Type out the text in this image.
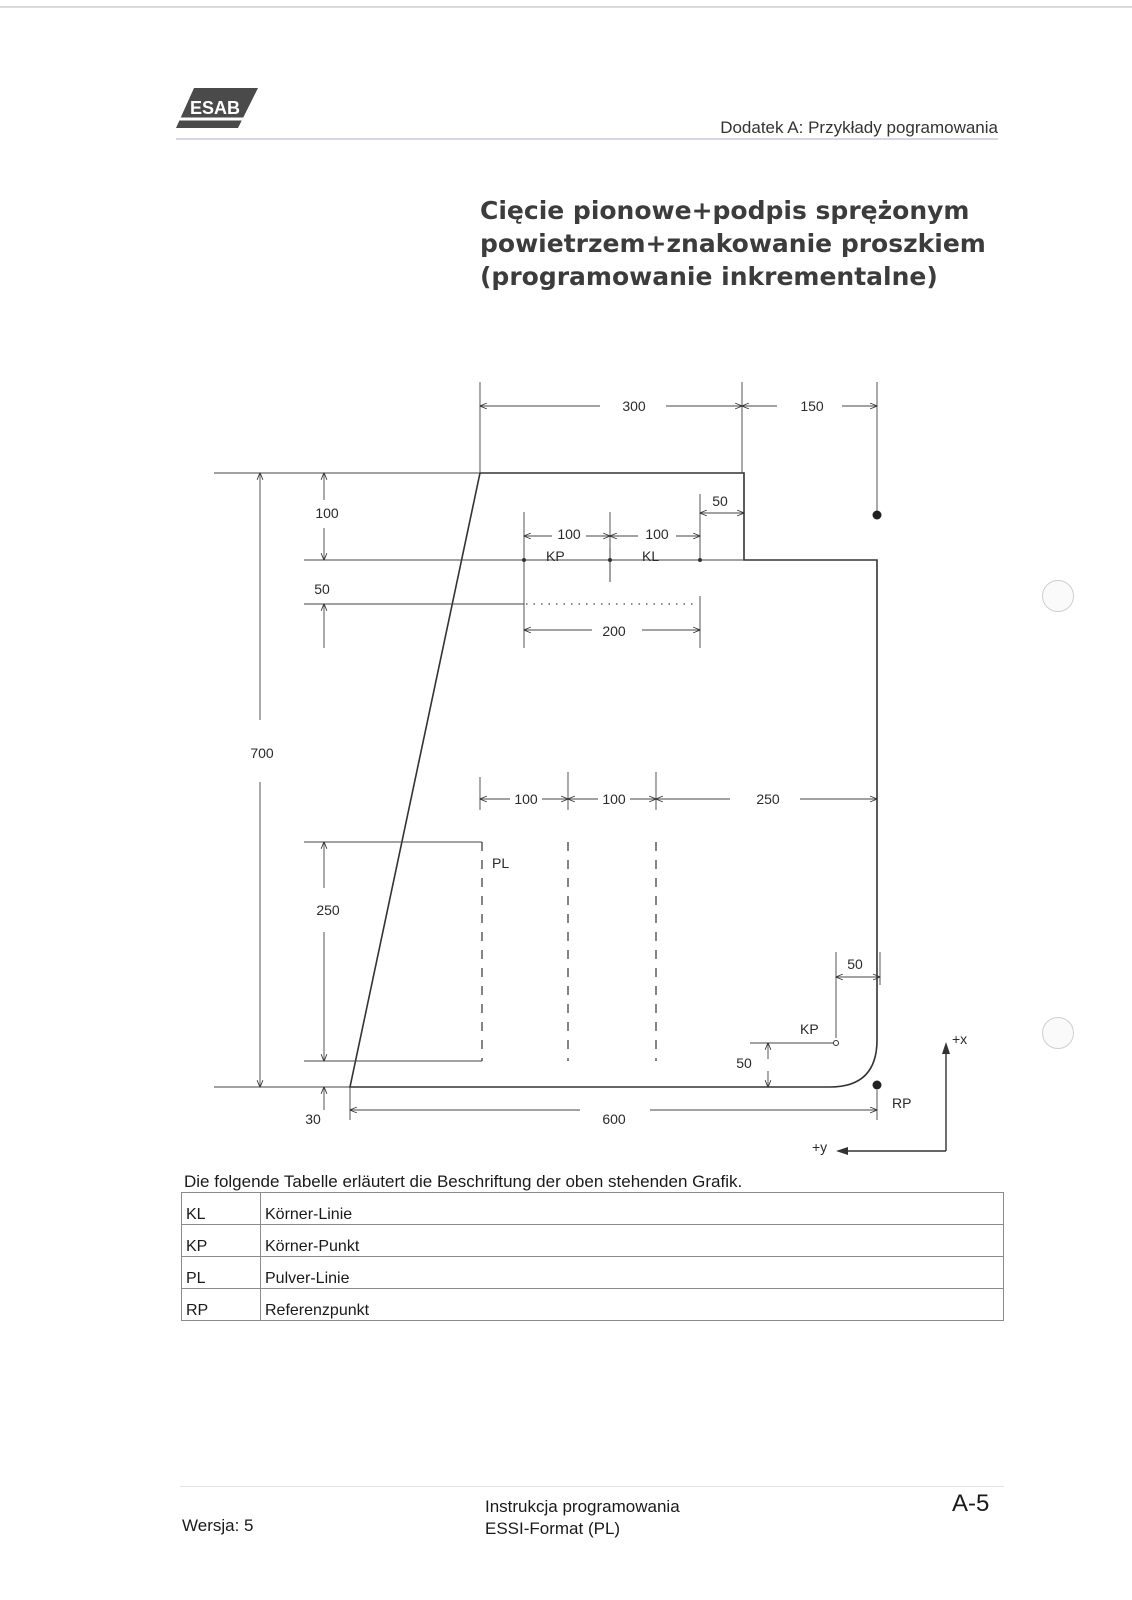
ESAB
Dodatek A: Przykłady pogramowania
Cięcie pionowe+podpis sprężonym
powietrzem+znakowanie proszkiem
(programowanie inkrementalne)
300	150
50
100	100
100
50
200
700
100	100	250
250
50
50
30	600
KP	KL
PL
KP
RP
+x
+y
Die folgende Tabelle erläutert die Beschriftung der oben stehenden Grafik.
KL	Körner-Linie
KP	Körner-Punkt
PL	Pulver-Linie
RP	Referenzpunkt
Wersja: 5
Instrukcja programowania
ESSI-Format (PL)
A-5
